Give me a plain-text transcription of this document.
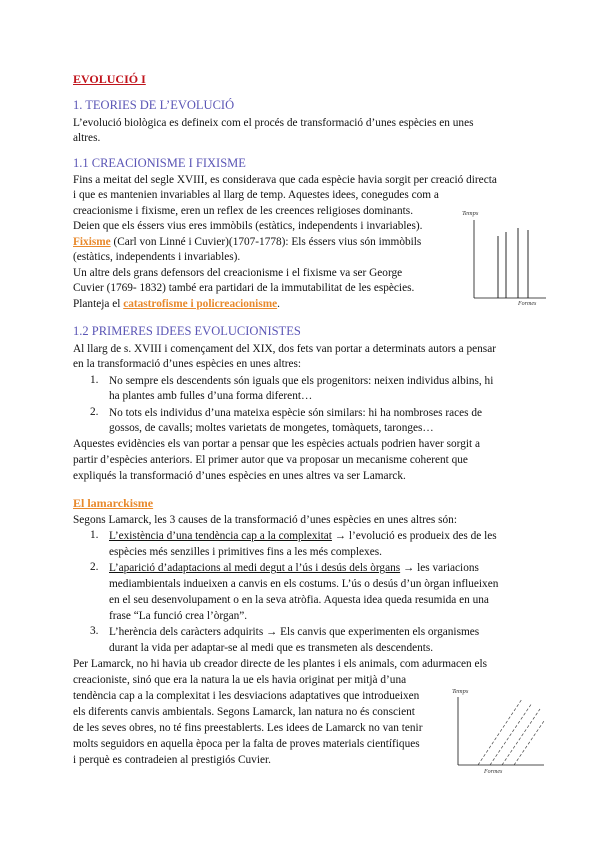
EVOLUCIÓ I
1. TEORIES DE L’EVOLUCIÓ
L’evolució biològica es defineix com el procés de transformació d’unes espècies en unes
altres.
1.1 CREACIONISME I FIXISME
Fins a meitat del segle XVIII, es considerava que cada espècie havia sorgit per creació directa
i que es mantenien invariables al llarg de temp. Aquestes idees, conegudes com a
creacionisme i fixisme, eren un reflex de les creences religioses dominants.
Deien que els éssers vius eres immòbils (estàtics, independents i invariables).
Fixisme (Carl von Linné i Cuvier)(1707-1778): Els éssers vius són immòbils
(estàtics, independents i invariables).
Un altre dels grans defensors del creacionisme i el fixisme va ser George
Cuvier (1769- 1832) també era partidari de la immutabilitat de les espècies.
Planteja el catastrofisme i policreacionisme.
Temps
Formes
1.2 PRIMERES IDEES EVOLUCIONISTES
Al llarg de s. XVIII i començament del XIX, dos fets van portar a determinats autors a pensar
en la transformació d’unes espècies en unes altres:
1. No sempre els descendents són iguals que els progenitors: neixen individus albins, hi
ha plantes amb fulles d’una forma diferent…
2. No tots els individus d’una mateixa espècie són similars: hi ha nombroses races de
gossos, de cavalls; moltes varietats de mongetes, tomàquets, taronges…
Aquestes evidències els van portar a pensar que les espècies actuals podrien haver sorgit a
partir d’espècies anteriors. El primer autor que va proposar un mecanisme coherent que
expliqués la transformació d’unes espècies en unes altres va ser Lamarck.
El lamarckisme
Segons Lamarck, les 3 causes de la transformació d’unes espècies en unes altres són:
1. L’existència d’una tendència cap a la complexitat → l’evolució es produeix des de les
espècies més senzilles i primitives fins a les més complexes.
2. L’aparició d’adaptacions al medi degut a l’ús i desús dels òrgans → les variacions
mediambientals indueixen a canvis en els costums. L’ús o desús d’un òrgan influeixen
en el seu desenvolupament o en la seva atròfia. Aquesta idea queda resumida en una
frase “La funció crea l’òrgan”.
3. L’herència dels caràcters adquirits → Els canvis que experimenten els organismes
durant la vida per adaptar-se al medi que es transmeten als descendents.
Per Lamarck, no hi havia ub creador directe de les plantes i els animals, com adurmacen els
creacioniste, sinó que era la natura la ue els havia originat per mitjà d’una
tendència cap a la complexitat i les desviacions adaptatives que introdueixen
els diferents canvis ambientals. Segons Lamarck, lan natura no és conscient
de les seves obres, no té fins preestablerts. Les idees de Lamarck no van tenir
molts seguidors en aquella època per la falta de proves materials científiques
i perquè es contradeien al prestigiós Cuvier.
Temps
Formes
